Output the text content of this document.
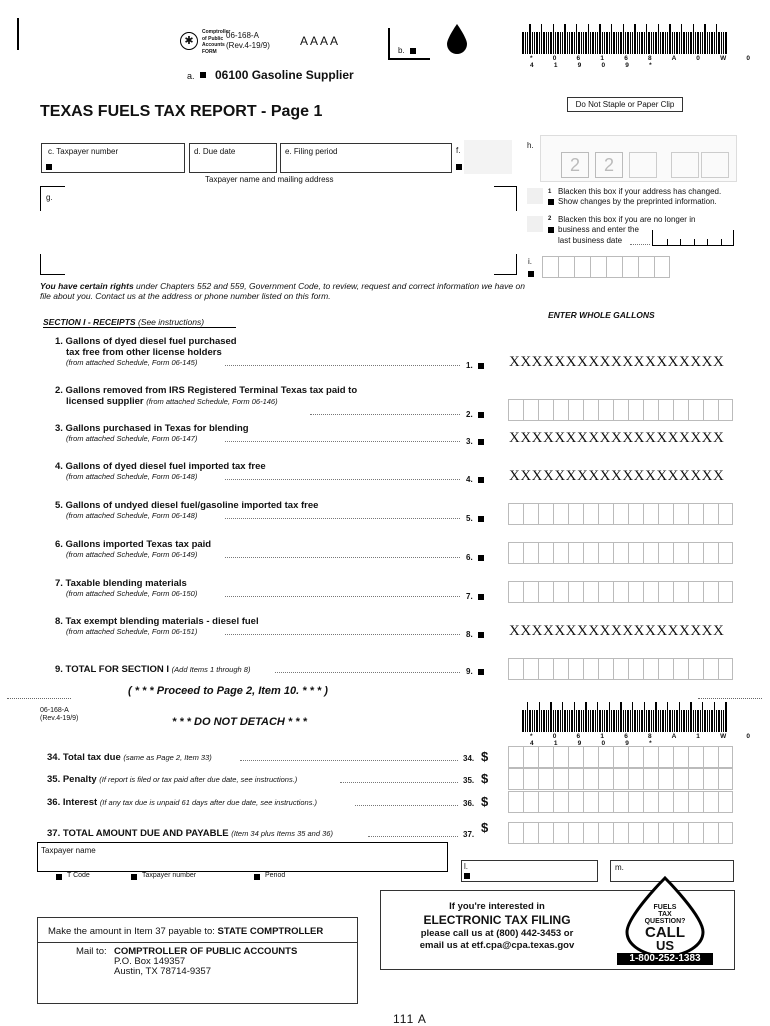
✱
Comptroller
of Public
Accounts
FORM
06-168-A
(Rev.4-19/9)	AAAA
b.
* 0 6 1 6 8 A 0 W 0 4 1 9 0 9 *
a. 06100 Gasoline Supplier
TEXAS FUELS TAX REPORT - Page 1	Do Not Staple or Paper Clip
c. Taxpayer number	d. Due date	e. Filing period	f.
h.
2	2
Taxpayer name and mailing address
g.
1 Blacken this box if your address has changed.
Show changes by the preprinted information.
2 Blacken this box if you are no longer in
business and enter the
last business date
i.
You have certain rights under Chapters 552 and 559, Government Code, to review, request and correct information we have on file about you. Contact us at the address or phone number listed on this form.
SECTION I - RECEIPTS (See instructions)
ENTER WHOLE GALLONS
1. Gallons of dyed diesel fuel purchased
tax free from other license holders
(from attached Schedule, Form 06-145)	1. XXXXXXXXXXXXXXXXXXX
2. Gallons removed from IRS Registered Terminal Texas tax paid to
licensed supplier (from attached Schedule, Form 06-146)
2.
3. Gallons purchased in Texas for blending
(from attached Schedule, Form 06-147)	3. XXXXXXXXXXXXXXXXXXX
4. Gallons of dyed diesel fuel imported tax free
(from attached Schedule, Form 06-148)	4. XXXXXXXXXXXXXXXXXXX
5. Gallons of undyed diesel fuel/gasoline imported tax free
(from attached Schedule, Form 06-148)	5.
6. Gallons imported Texas tax paid
(from attached Schedule, Form 06-149)	6.
7. Taxable blending materials
(from attached Schedule, Form 06-150)	7.
8. Tax exempt blending materials - diesel fuel
(from attached Schedule, Form 06-151)	8. XXXXXXXXXXXXXXXXXXX
9. TOTAL FOR SECTION I (Add Items 1 through 8)	9.
( * * * Proceed to Page 2, Item 10. * * * )
06-168-A
(Rev.4-19/9)	* * * DO NOT DETACH * * *
* 0 6 1 6 8 A 1 W 0 4 1 9 0 9 *
34. Total tax due (same as Page 2, Item 33)	34. $
35. Penalty (If report is filed or tax paid after due date, see instructions.)	35. $
36. Interest (If any tax due is unpaid 61 days after due date, see instructions.)	36. $
37. TOTAL AMOUNT DUE AND PAYABLE (Item 34 plus Items 35 and 36)	37. $
Taxpayer name
l.	m.
T Code	Taxpayer number	Period
Make the amount in Item 37 payable to: STATE COMPTROLLER
Mail to: COMPTROLLER OF PUBLIC ACCOUNTS
P.O. Box 149357
Austin, TX 78714-9357
If you're interested in
ELECTRONIC TAX FILING
please call us at (800) 442-3453 or
email us at etf.cpa@cpa.texas.gov
FUELS
TAX
QUESTION?
CALL
US
1-800-252-1383
111 A
